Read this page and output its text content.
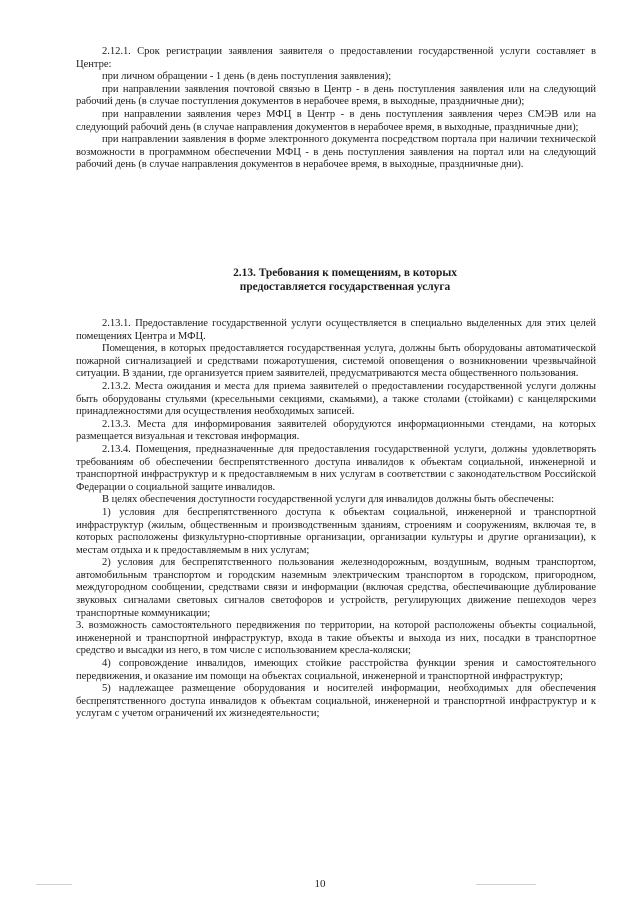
2.12.1. Срок регистрации заявления заявителя о предоставлении государственной услуги составляет в Центре:

при личном обращении - 1 день (в день поступления заявления);

при направлении заявления почтовой связью в Центр - в день поступления заявления или на следующий рабочий день (в случае поступления документов в нерабочее время, в выходные, праздничные дни);

при направлении заявления через МФЦ в Центр - в день поступления заявления через СМЭВ или на следующий рабочий день (в случае направления документов в нерабочее время, в выходные, праздничные дни);

при направлении заявления в форме электронного документа посредством портала при наличии технической возможности в программном обеспечении МФЦ - в день поступления заявления на портал или на следующий рабочий день (в случае направления документов в нерабочее время, в выходные, праздничные дни).

2.13. Требования к помещениям, в которых
предоставляется государственная услуга

2.13.1. Предоставление государственной услуги осуществляется в специально выделенных для этих целей помещениях Центра и МФЦ.

Помещения, в которых предоставляется государственная услуга, должны быть оборудованы автоматической пожарной сигнализацией и средствами пожаротушения, системой оповещения о возникновении чрезвычайной ситуации. В здании, где организуется прием заявителей, предусматриваются места общественного пользования.

2.13.2. Места ожидания и места для приема заявителей о предоставлении государственной услуги должны быть оборудованы стульями (кресельными секциями, скамьями), а также столами (стойками) с канцелярскими принадлежностями для осуществления необходимых записей.

2.13.3. Места для информирования заявителей оборудуются информационными стендами, на которых размещается визуальная и текстовая информация.

2.13.4. Помещения, предназначенные для предоставления государственной услуги, должны удовлетворять требованиям об обеспечении беспрепятственного доступа инвалидов к объектам социальной, инженерной и транспортной инфраструктур и к предоставляемым в них услугам в соответствии с законодательством Российской Федерации о социальной защите инвалидов.

В целях обеспечения доступности государственной услуги для инвалидов должны быть обеспечены:

1) условия для беспрепятственного доступа к объектам социальной, инженерной и транспортной инфраструктур (жилым, общественным и производственным зданиям, строениям и сооружениям, включая те, в которых расположены физкультурно-спортивные организации, организации культуры и другие организации), к местам отдыха и к предоставляемым в них услугам;

2) условия для беспрепятственного пользования железнодорожным, воздушным, водным транспортом, автомобильным транспортом и городским наземным электрическим транспортом в городском, пригородном, междугородном сообщении, средствами связи и информации (включая средства, обеспечивающие дублирование звуковых сигналами световых сигналов светофоров и устройств, регулирующих движение пешеходов через транспортные коммуникации;

3. возможность самостоятельного передвижения по территории, на которой расположены объекты социальной, инженерной и транспортной инфраструктур, входа в такие объекты и выхода из них, посадки в транспортное средство и высадки из него, в том числе с использованием кресла-коляски;

4) сопровождение инвалидов, имеющих стойкие расстройства функции зрения и самостоятельного передвижения, и оказание им помощи на объектах социальной, инженерной и транспортной инфраструктур;

5) надлежащее размещение оборудования и носителей информации, необходимых для обеспечения беспрепятственного доступа инвалидов к объектам социальной, инженерной и транспортной инфраструктур и к услугам с учетом ограничений их жизнедеятельности;

10
